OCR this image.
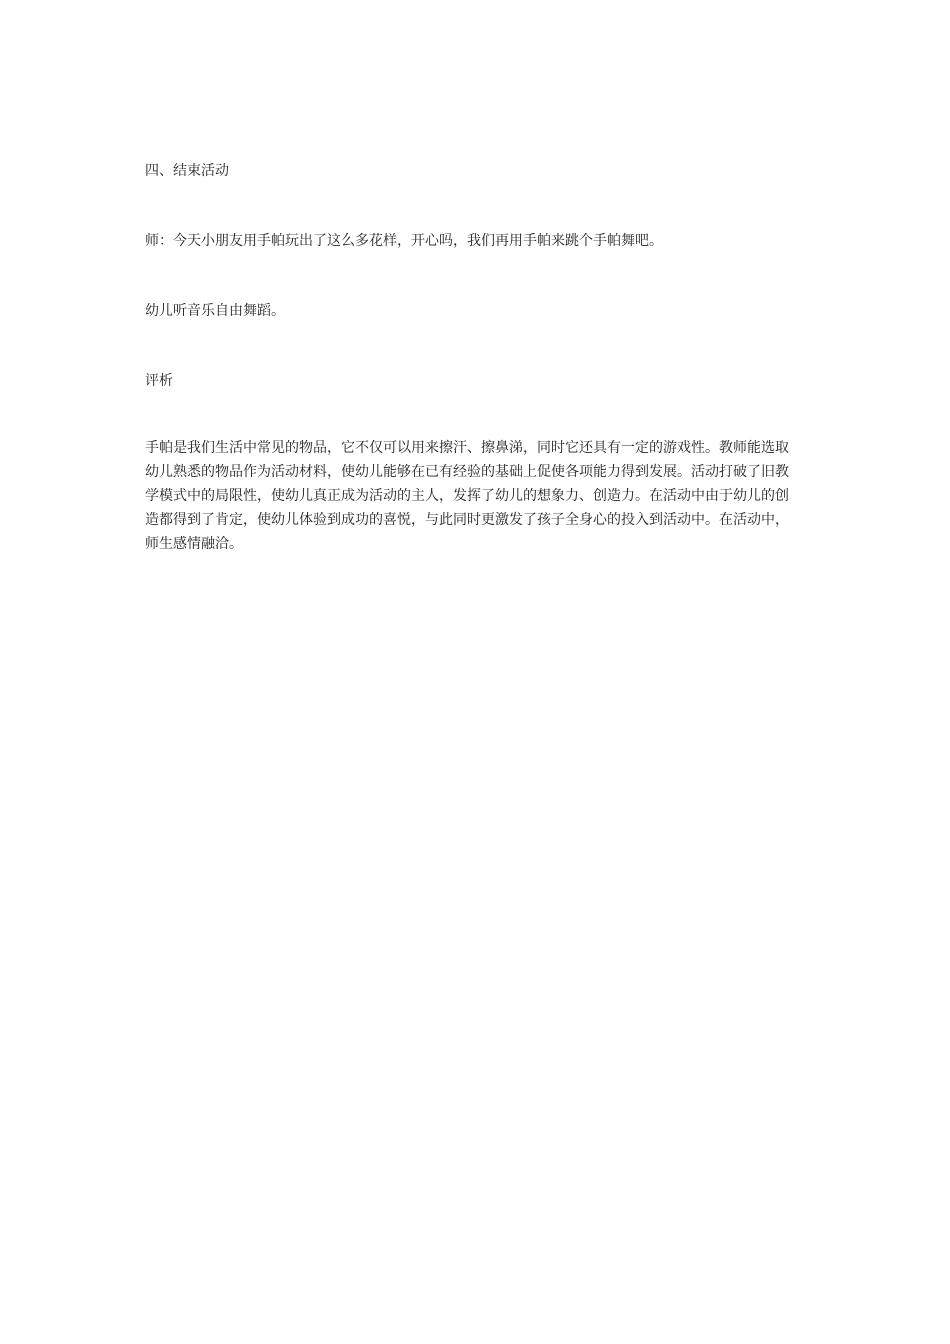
四、结束活动

师：今天小朋友用手帕玩出了这么多花样，开心吗，我们再用手帕来跳个手帕舞吧。

幼儿听音乐自由舞蹈。

评析

手帕是我们生活中常见的物品，它不仅可以用来擦汗、擦鼻涕，同时它还具有一定的游戏性。教师能选取
幼儿熟悉的物品作为活动材料，使幼儿能够在已有经验的基础上促使各项能力得到发展。活动打破了旧教
学模式中的局限性，使幼儿真正成为活动的主人，发挥了幼儿的想象力、创造力。在活动中由于幼儿的创
造都得到了肯定，使幼儿体验到成功的喜悦，与此同时更激发了孩子全身心的投入到活动中。在活动中，
师生感情融洽。
